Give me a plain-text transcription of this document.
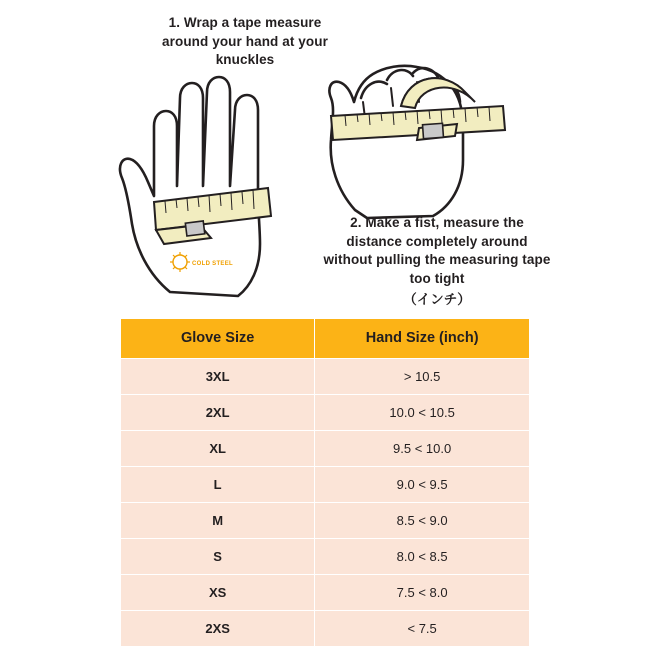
1. Wrap a tape measure around your hand at your knuckles
COLD STEEL
2. Make a fist, measure the distance completely around without pulling the measuring tape too tight
（インチ）
Glove Size	Hand Size (inch)
3XL	> 10.5
2XL	10.0 < 10.5
XL	9.5 < 10.0
L	9.0 < 9.5
M	8.5 < 9.0
S	8.0 < 8.5
XS	7.5 < 8.0
2XS	< 7.5
